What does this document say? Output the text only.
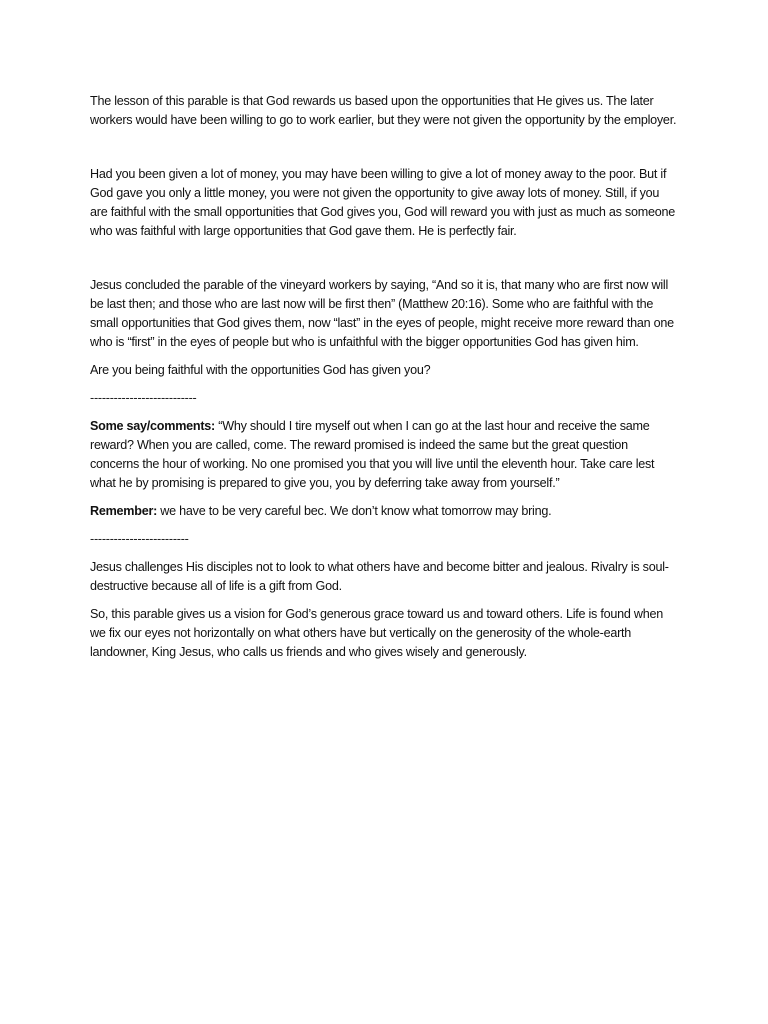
The lesson of this parable is that God rewards us based upon the opportunities that He gives us. The later workers would have been willing to go to work earlier, but they were not given the opportunity by the employer.

Had you been given a lot of money, you may have been willing to give a lot of money away to the poor. But if God gave you only a little money, you were not given the opportunity to give away lots of money. Still, if you are faithful with the small opportunities that God gives you, God will reward you with just as much as someone who was faithful with large opportunities that God gave them. He is perfectly fair.

Jesus concluded the parable of the vineyard workers by saying, “And so it is, that many who are first now will be last then; and those who are last now will be first then” (Matthew 20:16). Some who are faithful with the small opportunities that God gives them, now “last” in the eyes of people, might receive more reward than one who is “first” in the eyes of people but who is unfaithful with the bigger opportunities God has given him.

Are you being faithful with the opportunities God has given you?

---------------------------

Some say/comments: “Why should I tire myself out when I can go at the last hour and receive the same reward? When you are called, come. The reward promised is indeed the same but the great question concerns the hour of working. No one promised you that you will live until the eleventh hour. Take care lest what he by promising is prepared to give you, you by deferring take away from yourself.”

Remember: we have to be very careful bec. We don’t know what tomorrow may bring.

-------------------------

Jesus challenges His disciples not to look to what others have and become bitter and jealous. Rivalry is soul-destructive because all of life is a gift from God.

So, this parable gives us a vision for God’s generous grace toward us and toward others. Life is found when we fix our eyes not horizontally on what others have but vertically on the generosity of the whole-earth landowner, King Jesus, who calls us friends and who gives wisely and generously.
